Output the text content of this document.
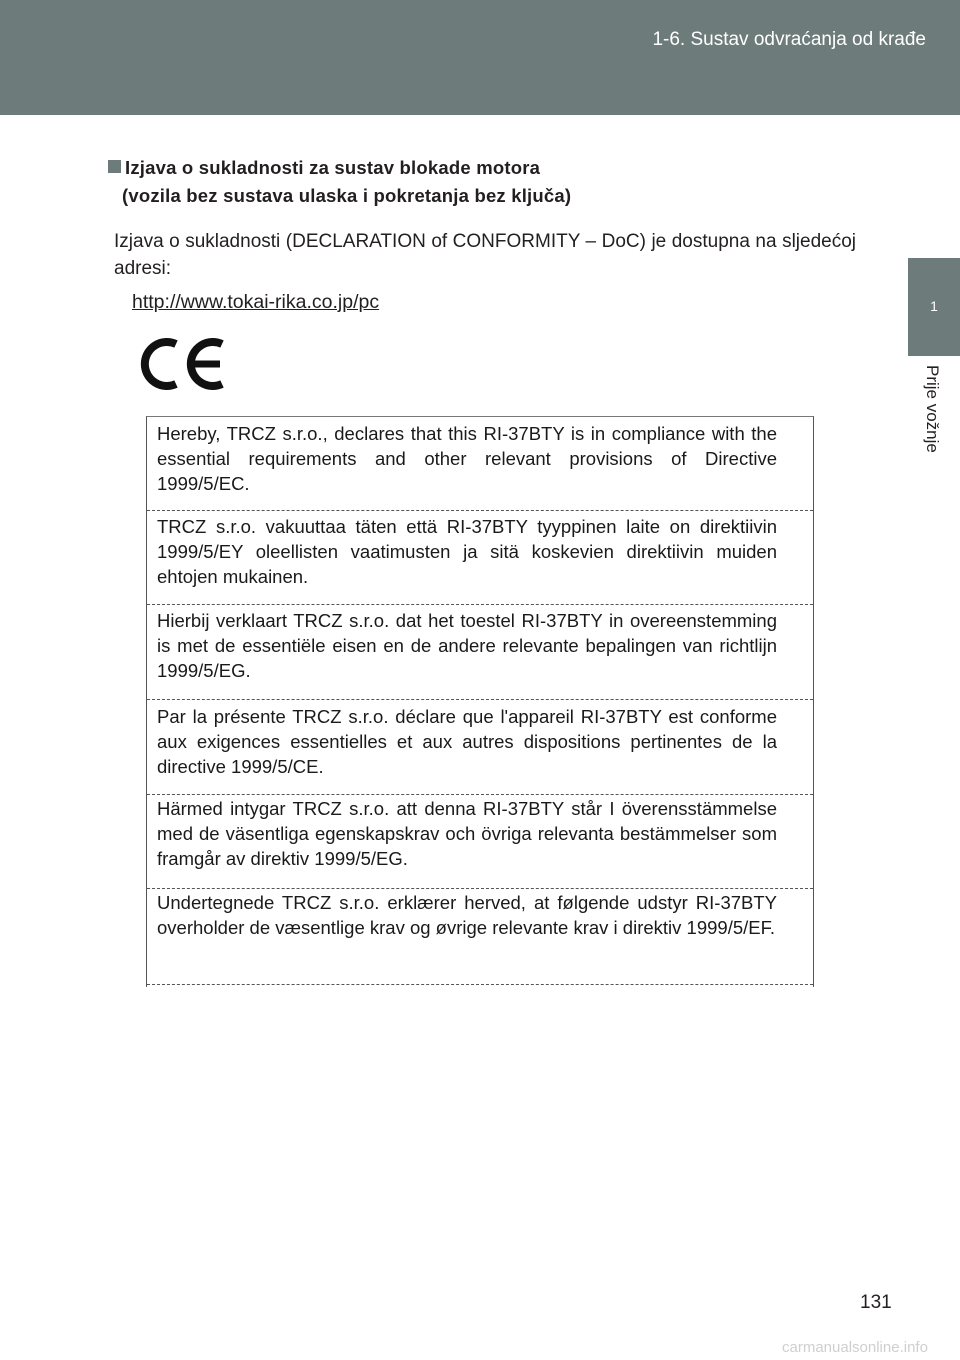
1-6. Sustav odvraćanja od krađe
1
Prije vožnje
Izjava o sukladnosti za sustav blokade motora
(vozila bez sustava ulaska i pokretanja bez ključa)
Izjava o sukladnosti (DECLARATION of CONFORMITY – DoC) je dostupna na sljedećoj adresi:
http://www.tokai-rika.co.jp/pc
Hereby, TRCZ s.r.o., declares that this RI-37BTY is in compliance with the essential requirements and other relevant provisions of Directive 1999/5/EC.
TRCZ s.r.o. vakuuttaa täten että RI-37BTY tyyppinen laite on direktiivin 1999/5/EY oleellisten vaatimusten ja sitä koskevien direktiivin muiden ehtojen mukainen.
Hierbij verklaart TRCZ s.r.o. dat het toestel RI-37BTY in overeenstemming is met de essentiële eisen en de andere relevante bepalingen van richtlijn 1999/5/EG.
Par la présente TRCZ s.r.o. déclare que l'appareil RI-37BTY est conforme aux exigences essentielles et aux autres dispositions pertinentes de la directive 1999/5/CE.
Härmed intygar TRCZ s.r.o. att denna RI-37BTY står I överensstämmelse med de väsentliga egenskapskrav och övriga relevanta bestämmelser som framgår av direktiv 1999/5/EG.
Undertegnede TRCZ s.r.o. erklærer herved, at følgende udstyr RI-37BTY overholder de væsentlige krav og øvrige relevante krav i direktiv 1999/5/EF.
131
carmanualsonline.info
